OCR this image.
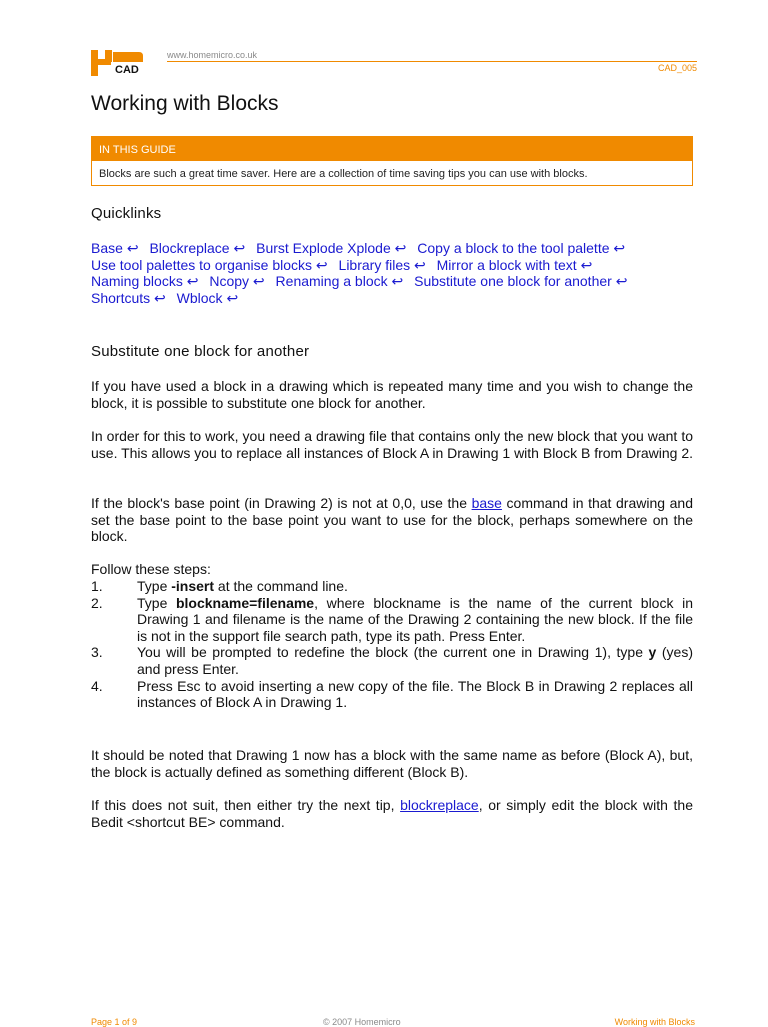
CAD
www.homemicro.co.uk
CAD_005
Working with Blocks
IN THIS GUIDE
Blocks are such a great time saver. Here are a collection of time saving tips you can use with blocks.
Quicklinks
Base ↩ Blockreplace ↩ Burst Explode Xplode ↩ Copy a block to the tool palette ↩
Use tool palettes to organise blocks ↩ Library files ↩ Mirror a block with text ↩
Naming blocks ↩ Ncopy ↩ Renaming a block ↩ Substitute one block for another ↩
Shortcuts ↩ Wblock ↩
Substitute one block for another

If you have used a block in a drawing which is repeated many time and you wish to change the block, it is possible to substitute one block for another.

In order for this to work, you need a drawing file that contains only the new block that you want to use. This allows you to replace all instances of Block A in Drawing 1 with Block B from Drawing 2.

If the block's base point (in Drawing 2) is not at 0,0, use the base command in that drawing and set the base point to the base point you want to use for the block, perhaps somewhere on the block.

Follow these steps:

1.	Type -insert at the command line.
2.	Type blockname=filename, where blockname is the name of the current block in Drawing 1 and filename is the name of the Drawing 2 containing the new block. If the file is not in the support file search path, type its path. Press Enter.
3.	You will be prompted to redefine the block (the current one in Drawing 1), type y (yes) and press Enter.
4.	Press Esc to avoid inserting a new copy of the file. The Block B in Drawing 2 replaces all instances of Block A in Drawing 1.

It should be noted that Drawing 1 now has a block with the same name as before (Block A), but, the block is actually defined as something different (Block B).

If this does not suit, then either try the next tip, blockreplace, or simply edit the block with the Bedit <shortcut BE> command.

Page 1 of 9	© 2007 Homemicro	Working with Blocks
